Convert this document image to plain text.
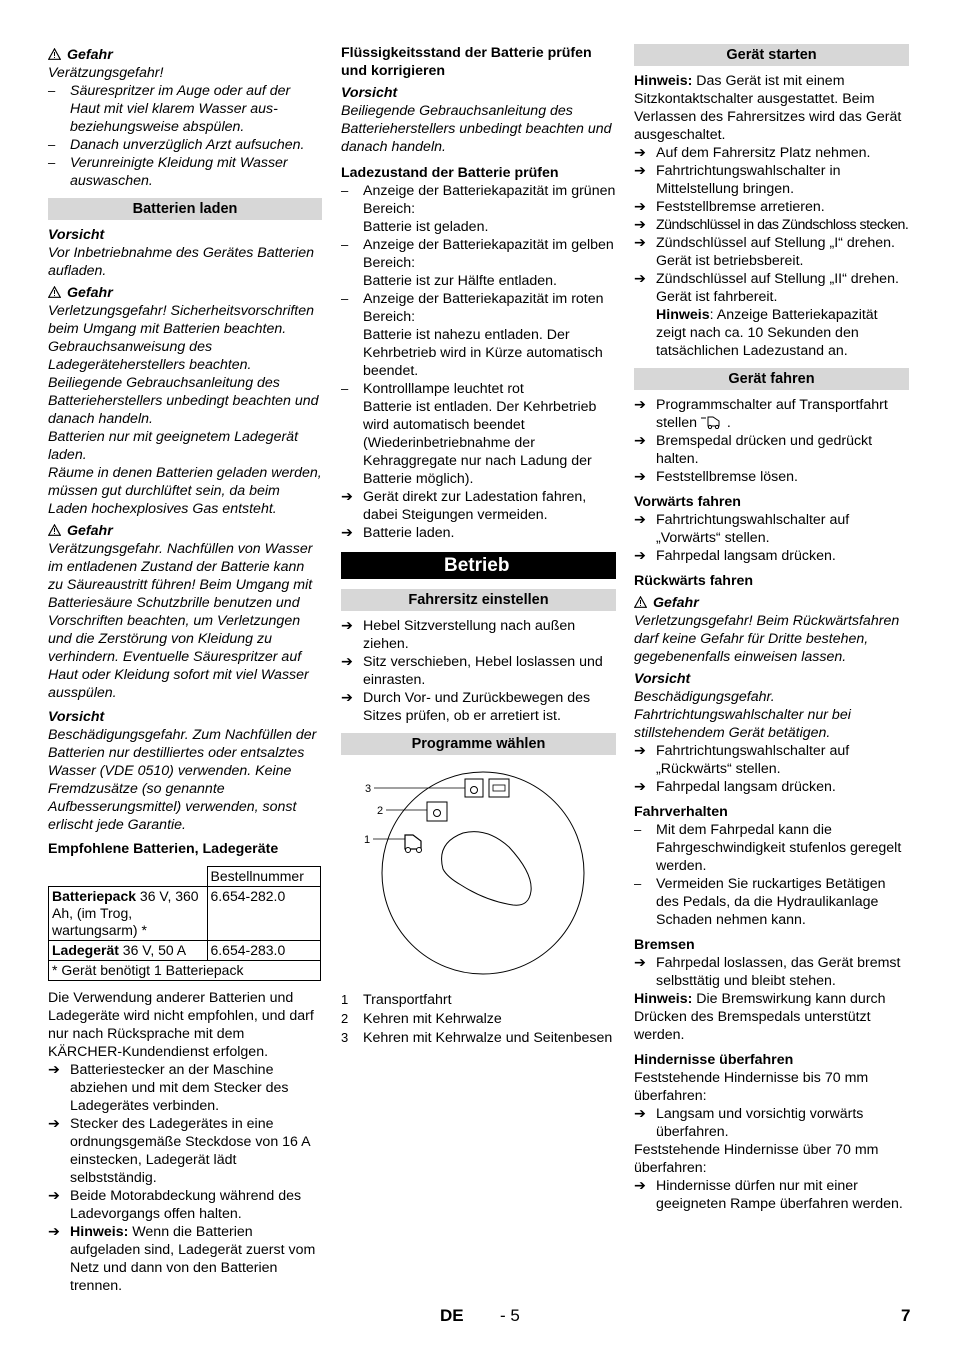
Gefahr
Verätzungsgefahr!
–	Säurespritzer im Auge oder auf der Haut mit viel klarem Wasser aus- beziehungsweise abspülen.
–	Danach unverzüglich Arzt aufsuchen.
–	Verunreinigte Kleidung mit Wasser auswaschen.
Batterien laden
Vorsicht
Vor Inbetriebnahme des Gerätes Batterien aufladen.
Gefahr
Verletzungsgefahr! Sicherheitsvorschriften beim Umgang mit Batterien beachten. Gebrauchsanweisung des Ladegeräteherstellers beachten.
Beiliegende Gebrauchsanleitung des Batterieherstellers unbedingt beachten und danach handeln.
Batterien nur mit geeignetem Ladegerät laden.
Räume in denen Batterien geladen werden, müssen gut durchlüftet sein, da beim Laden hochexplosives Gas entsteht.
Gefahr
Verätzungsgefahr. Nachfüllen von Wasser im entladenen Zustand der Batterie kann zu Säureaustritt führen! Beim Umgang mit Batteriesäure Schutzbrille benutzen und Vorschriften beachten, um Verletzungen und die Zerstörung von Kleidung zu verhindern. Eventuelle Säurespritzer auf Haut oder Kleidung sofort mit viel Wasser ausspülen.
Vorsicht
Beschädigungsgefahr. Zum Nachfüllen der Batterien nur destilliertes oder entsalztes Wasser (VDE 0510) verwenden. Keine Fremdzusätze (so genannte Aufbesserungsmittel) verwenden, sonst erlischt jede Garantie.
Empfohlene Batterien, Ladegeräte
	Bestellnummer
Batteriepack 36 V, 360 Ah, (im Trog, wartungsarm) *	6.654-282.0
Ladegerät 36 V, 50 A	6.654-283.0
* Gerät benötigt 1 Batteriepack	
Die Verwendung anderer Batterien und Ladegeräte wird nicht empfohlen, und darf nur nach Rücksprache mit dem KÄRCHER-Kundendienst erfolgen.
➔ Batteriestecker an der Maschine abziehen und mit dem Stecker des Ladegerätes verbinden.
➔ Stecker des Ladegerätes in eine ordnungsgemäße Steckdose von 16 A einstecken, Ladegerät lädt selbstständig.
➔ Beide Motorabdeckung während des Ladevorgangs offen halten.
➔ Hinweis: Wenn die Batterien aufgeladen sind, Ladegerät zuerst vom Netz und dann von den Batterien trennen.
Flüssigkeitsstand der Batterie prüfen und korrigieren
Vorsicht
Beiliegende Gebrauchsanleitung des Batterieherstellers unbedingt beachten und danach handeln.
Ladezustand der Batterie prüfen
–	Anzeige der Batteriekapazität im grünen Bereich:
Batterie ist geladen.
–	Anzeige der Batteriekapazität im gelben Bereich:
Batterie ist zur Hälfte entladen.
–	Anzeige der Batteriekapazität im roten Bereich:
Batterie ist nahezu entladen. Der Kehrbetrieb wird in Kürze automatisch beendet.
–	Kontrolllampe leuchtet rot
Batterie ist entladen. Der Kehrbetrieb wird automatisch beendet (Wiederinbetriebnahme der Kehraggregate nur nach Ladung der Batterie möglich).
➔ Gerät direkt zur Ladestation fahren, dabei Steigungen vermeiden.
➔ Batterie laden.
Betrieb
Fahrersitz einstellen
➔ Hebel Sitzverstellung nach außen ziehen.
➔ Sitz verschieben, Hebel loslassen und einrasten.
➔ Durch Vor- und Zurückbewegen des Sitzes prüfen, ob er arretiert ist.
Programme wählen
3
2
1
1	Transportfahrt
2	Kehren mit Kehrwalze
3	Kehren mit Kehrwalze und Seitenbesen
Gerät starten
Hinweis: Das Gerät ist mit einem Sitzkontaktschalter ausgestattet. Beim Verlassen des Fahrersitzes wird das Gerät ausgeschaltet.
➔ Auf dem Fahrersitz Platz nehmen.
➔ Fahrtrichtungswahlschalter in Mittelstellung bringen.
➔ Feststellbremse arretieren.
➔ Zündschlüssel in das Zündschloss stecken.
➔ Zündschlüssel auf Stellung „I“ drehen.
Gerät ist betriebsbereit.
➔ Zündschlüssel auf Stellung „II“ drehen.
Gerät ist fahrbereit.
Hinweis: Anzeige Batteriekapazität zeigt nach ca. 10 Sekunden den tatsächlichen Ladezustand an.
Gerät fahren
➔ Programmschalter auf Transportfahrt stellen  .
➔ Bremspedal drücken und gedrückt halten.
➔ Feststellbremse lösen.
Vorwärts fahren
➔ Fahrtrichtungswahlschalter auf „Vorwärts“ stellen.
➔ Fahrpedal langsam drücken.
Rückwärts fahren
Gefahr
Verletzungsgefahr! Beim Rückwärtsfahren darf keine Gefahr für Dritte bestehen, gegebenenfalls einweisen lassen.
Vorsicht
Beschädigungsgefahr. Fahrtrichtungswahlschalter nur bei stillstehendem Gerät betätigen.
➔ Fahrtrichtungswahlschalter auf „Rückwärts“ stellen.
➔ Fahrpedal langsam drücken.
Fahrverhalten
–	Mit dem Fahrpedal kann die Fahrgeschwindigkeit stufenlos geregelt werden.
–	Vermeiden Sie ruckartiges Betätigen des Pedals, da die Hydraulikanlage Schaden nehmen kann.
Bremsen
➔ Fahrpedal loslassen, das Gerät bremst selbsttätig und bleibt stehen.
Hinweis: Die Bremswirkung kann durch Drücken des Bremspedals unterstützt werden.
Hindernisse überfahren
Feststehende Hindernisse bis 70 mm überfahren:
➔ Langsam und vorsichtig vorwärts überfahren.
Feststehende Hindernisse über 70 mm überfahren:
➔ Hindernisse dürfen nur mit einer geeigneten Rampe überfahren werden.
DE - 5	7
